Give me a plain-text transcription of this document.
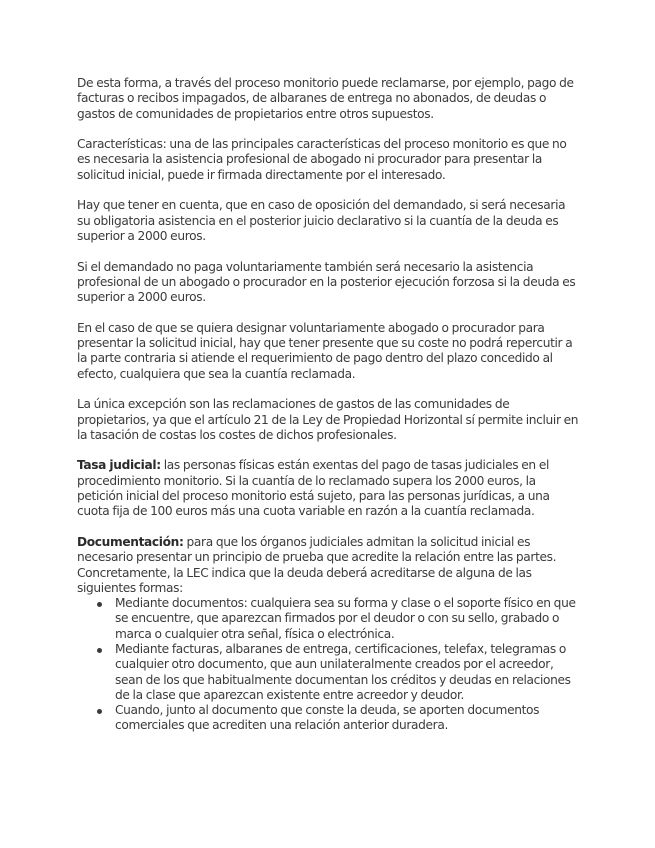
De esta forma, a través del proceso monitorio puede reclamarse, por ejemplo, pago de facturas o recibos impagados, de albaranes de entrega no abonados, de deudas o gastos de comunidades de propietarios entre otros supuestos.

Características: una de las principales características del proceso monitorio es que no es necesaria la asistencia profesional de abogado ni procurador para presentar la solicitud inicial, puede ir firmada directamente por el interesado.

Hay que tener en cuenta, que en caso de oposición del demandado, si será necesaria su obligatoria asistencia en el posterior juicio declarativo si la cuantía de la deuda es superior a 2000 euros.

Si el demandado no paga voluntariamente también será necesario la asistencia profesional de un abogado o procurador en la posterior ejecución forzosa si la deuda es superior a 2000 euros.

En el caso de que se quiera designar voluntariamente abogado o procurador para presentar la solicitud inicial, hay que tener presente que su coste no podrá repercutir a la parte contraria si atiende el requerimiento de pago dentro del plazo concedido al efecto, cualquiera que sea la cuantía reclamada.

La única excepción son las reclamaciones de gastos de las comunidades de propietarios, ya que el artículo 21 de la Ley de Propiedad Horizontal sí permite incluir en la tasación de costas los costes de dichos profesionales.

Tasa judicial: las personas físicas están exentas del pago de tasas judiciales en el procedimiento monitorio. Si la cuantía de lo reclamado supera los 2000 euros, la petición inicial del proceso monitorio está sujeto, para las personas jurídicas, a una cuota fija de 100 euros más una cuota variable en razón a la cuantía reclamada.

Documentación: para que los órganos judiciales admitan la solicitud inicial es necesario presentar un principio de prueba que acredite la relación entre las partes. Concretamente, la LEC indica que la deuda deberá acreditarse de alguna de las siguientes formas:

Mediante documentos: cualquiera sea su forma y clase o el soporte físico en que se encuentre, que aparezcan firmados por el deudor o con su sello, grabado o marca o cualquier otra señal, física o electrónica.
Mediante facturas, albaranes de entrega, certificaciones, telefax, telegramas o cualquier otro documento, que aun unilateralmente creados por el acreedor, sean de los que habitualmente documentan los créditos y deudas en relaciones de la clase que aparezcan existente entre acreedor y deudor.
Cuando, junto al documento que conste la deuda, se aporten documentos comerciales que acrediten una relación anterior duradera.
